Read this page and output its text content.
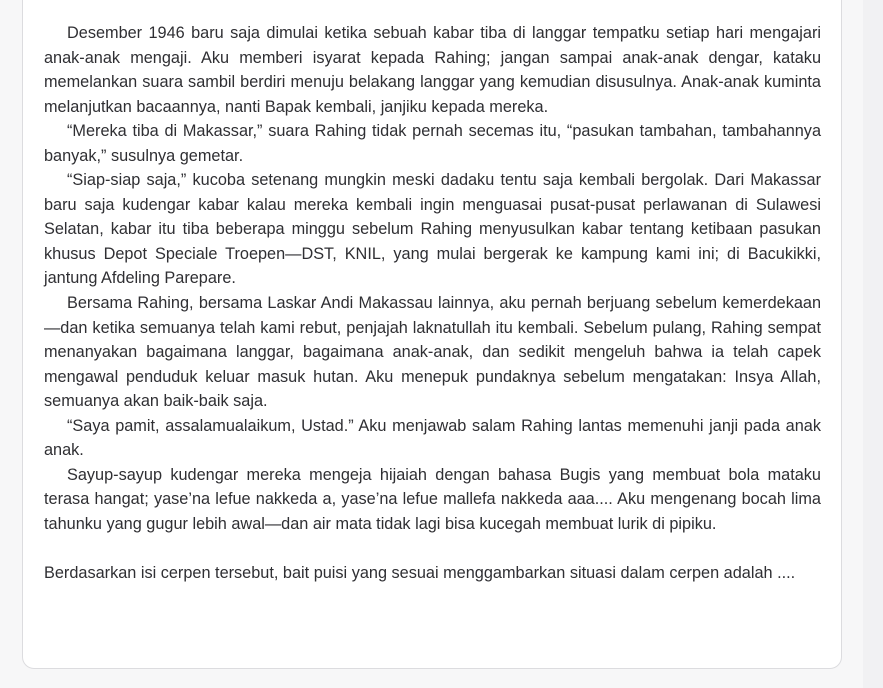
Desember 1946 baru saja dimulai ketika sebuah kabar tiba di langgar tempatku setiap hari mengajari anak-anak mengaji. Aku memberi isyarat kepada Rahing; jangan sampai anak-anak dengar, kataku memelankan suara sambil berdiri menuju belakang langgar yang kemudian disusulnya. Anak-anak kuminta melanjutkan bacaannya, nanti Bapak kembali, janjiku kepada mereka.

“Mereka tiba di Makassar,” suara Rahing tidak pernah secemas itu, “pasukan tambahan, tambahannya banyak,” susulnya gemetar.

“Siap-siap saja,” kucoba setenang mungkin meski dadaku tentu saja kembali bergolak. Dari Makassar baru saja kudengar kabar kalau mereka kembali ingin menguasai pusat-pusat perlawanan di Sulawesi Selatan, kabar itu tiba beberapa minggu sebelum Rahing menyusulkan kabar tentang ketibaan pasukan khusus Depot Speciale Troepen—DST, KNIL, yang mulai bergerak ke kampung kami ini; di Bacukikki, jantung Afdeling Parepare.

Bersama Rahing, bersama Laskar Andi Makassau lainnya, aku pernah berjuang sebelum kemerdekaan—dan ketika semuanya telah kami rebut, penjajah laknatullah itu kembali. Sebelum pulang, Rahing sempat menanyakan bagaimana langgar, bagaimana anak-anak, dan sedikit mengeluh bahwa ia telah capek mengawal penduduk keluar masuk hutan. Aku menepuk pundaknya sebelum mengatakan: Insya Allah, semuanya akan baik-baik saja.

“Saya pamit, assalamualaikum, Ustad.” Aku menjawab salam Rahing lantas memenuhi janji pada anak anak.

Sayup-sayup kudengar mereka mengeja hijaiah dengan bahasa Bugis yang membuat bola mataku terasa hangat; yase’na lefue nakkeda a, yase’na lefue mallefa nakkeda aaa.... Aku mengenang bocah lima tahunku yang gugur lebih awal—dan air mata tidak lagi bisa kucegah membuat lurik di pipiku.

Berdasarkan isi cerpen tersebut, bait puisi yang sesuai menggambarkan situasi dalam cerpen adalah ....
